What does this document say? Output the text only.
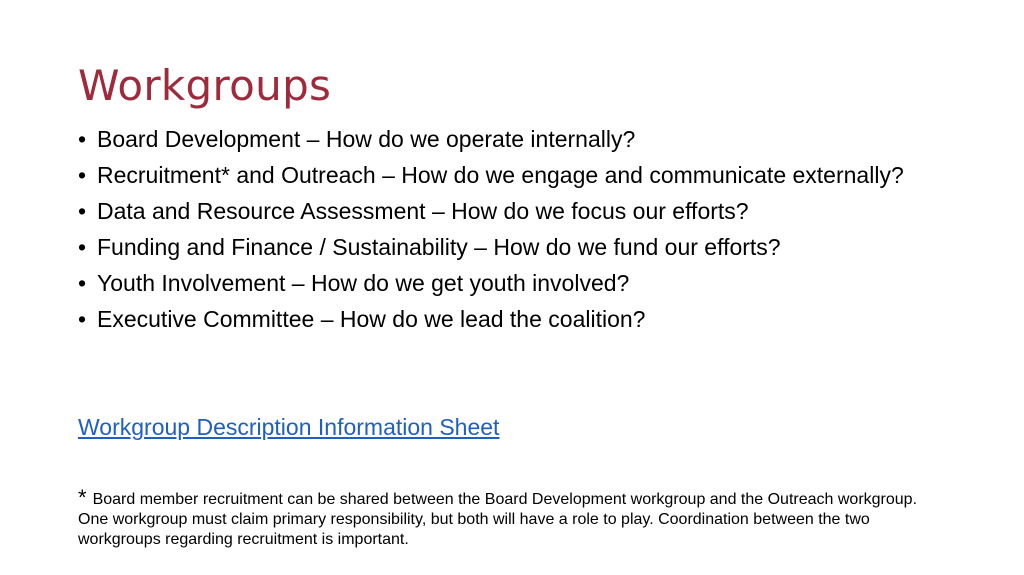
Workgroups
• Board Development – How do we operate internally?
• Recruitment* and Outreach – How do we engage and communicate externally?
• Data and Resource Assessment – How do we focus our efforts?
• Funding and Finance / Sustainability – How do we fund our efforts?
• Youth Involvement – How do we get youth involved?
• Executive Committee – How do we lead the coalition?
Workgroup Description Information Sheet
* Board member recruitment can be shared between the Board Development workgroup and the Outreach workgroup. One workgroup must claim primary responsibility, but both will have a role to play. Coordination between the two workgroups regarding recruitment is important.
